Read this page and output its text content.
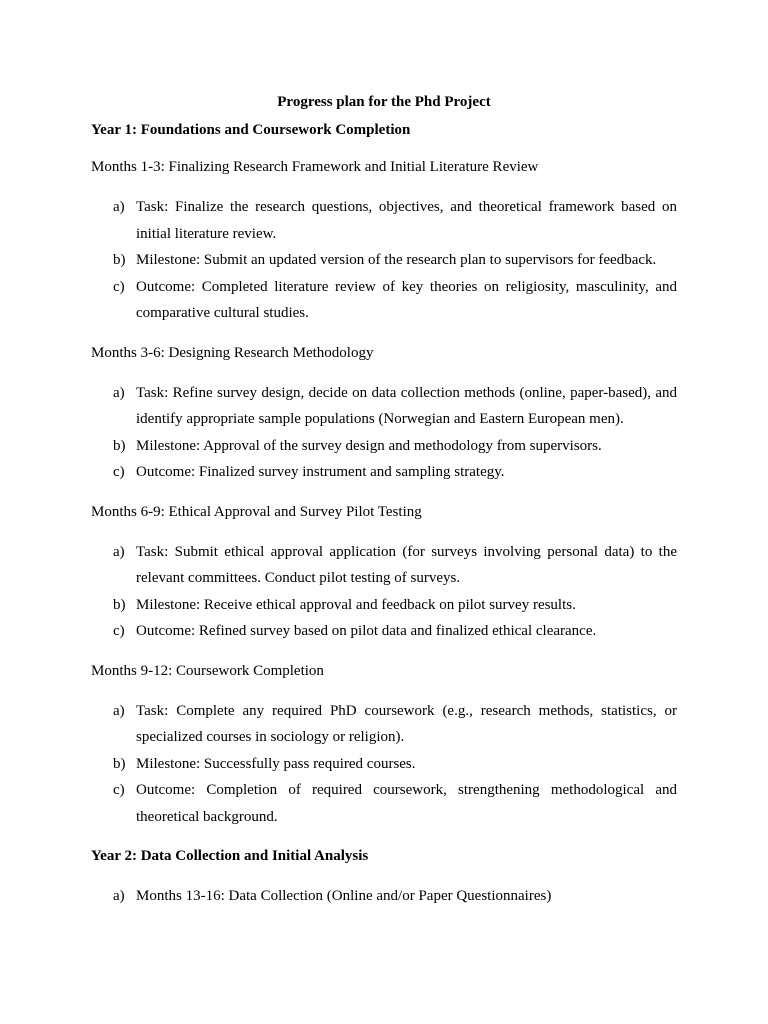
Progress plan for the Phd Project
Year 1: Foundations and Coursework Completion
Months 1-3: Finalizing Research Framework and Initial Literature Review
a) Task: Finalize the research questions, objectives, and theoretical framework based on initial literature review.
b) Milestone: Submit an updated version of the research plan to supervisors for feedback.
c) Outcome: Completed literature review of key theories on religiosity, masculinity, and comparative cultural studies.
Months 3-6: Designing Research Methodology
a) Task: Refine survey design, decide on data collection methods (online, paper-based), and identify appropriate sample populations (Norwegian and Eastern European men).
b) Milestone: Approval of the survey design and methodology from supervisors.
c) Outcome: Finalized survey instrument and sampling strategy.
Months 6-9: Ethical Approval and Survey Pilot Testing
a) Task: Submit ethical approval application (for surveys involving personal data) to the relevant committees. Conduct pilot testing of surveys.
b) Milestone: Receive ethical approval and feedback on pilot survey results.
c) Outcome: Refined survey based on pilot data and finalized ethical clearance.
Months 9-12: Coursework Completion
a) Task: Complete any required PhD coursework (e.g., research methods, statistics, or specialized courses in sociology or religion).
b) Milestone: Successfully pass required courses.
c) Outcome: Completion of required coursework, strengthening methodological and theoretical background.
Year 2: Data Collection and Initial Analysis
a) Months 13-16: Data Collection (Online and/or Paper Questionnaires)
